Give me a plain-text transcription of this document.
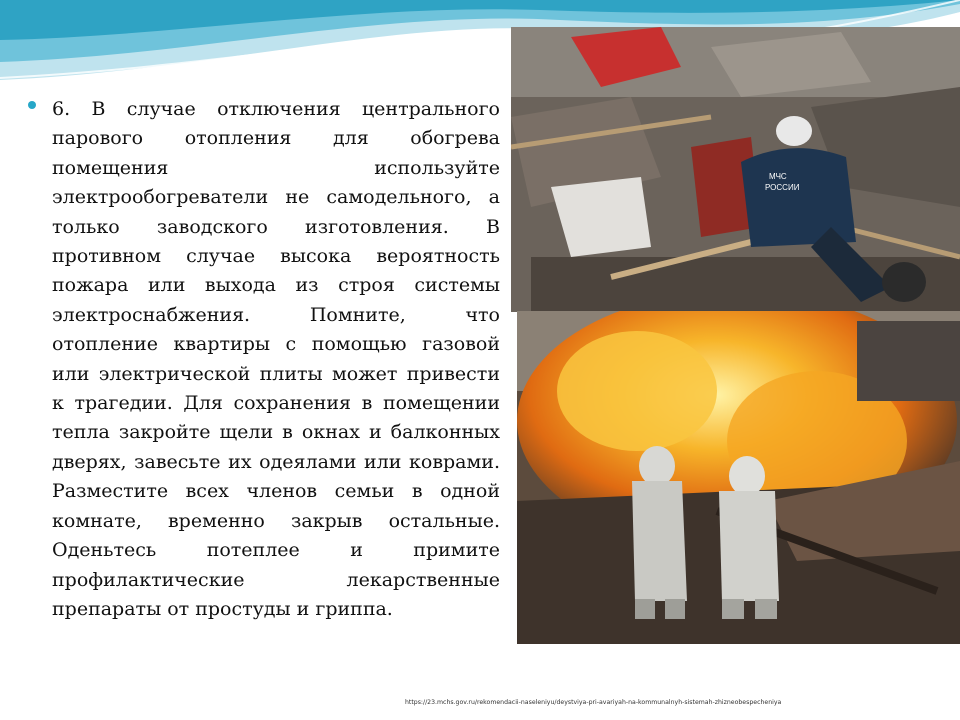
6. В случае отключения центрального парового отопления для обогрева помещения используйте электрообогреватели не самодельного, а только заводского изготовления. В противном случае высока вероятность пожара или выхода из строя системы электроснабжения. Помните, что отопление квартиры с помощью газовой или электрической плиты может привести к трагедии. Для сохранения в помещении тепла закройте щели в окнах и балконных дверях, завесьте их одеялами или коврами. Разместите всех членов семьи в одной комнате, временно закрыв остальные. Оденьтесь потеплее и примите профилактические лекарственные препараты от простуды и гриппа.

МЧС РОССИИ
https://23.mchs.gov.ru/rekomendacii-naseleniyu/deystviya-pri-avariyah-na-kommunalnyh-sistemah-zhizneobespecheniya
